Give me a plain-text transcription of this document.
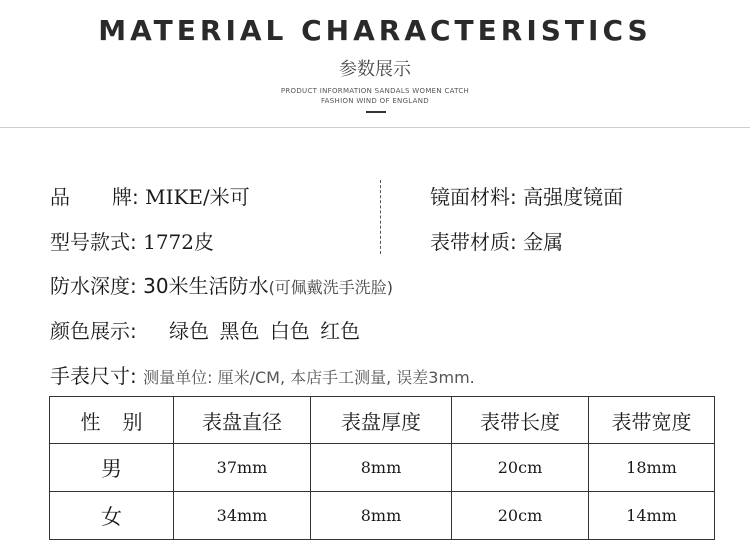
MATERIAL CHARACTERISTICS
参数展示
PRODUCT INFORMATION SANDALS WOMEN CATCH
FASHION WIND OF ENGLAND
品 牌: MIKE/米可
型号款式: 1772皮
镜面材料: 高强度镜面
表带材质: 金属
防水深度: 30米生活防水(可佩戴洗手洗脸)
颜色展示: 绿色 黑色 白色 红色
手表尺寸: 测量单位: 厘米/CM, 本店手工测量, 误差3mm.
性 别	表盘直径	表盘厚度	表带长度	表带宽度
男	37mm	8mm	20cm	18mm
女	34mm	8mm	20cm	14mm
